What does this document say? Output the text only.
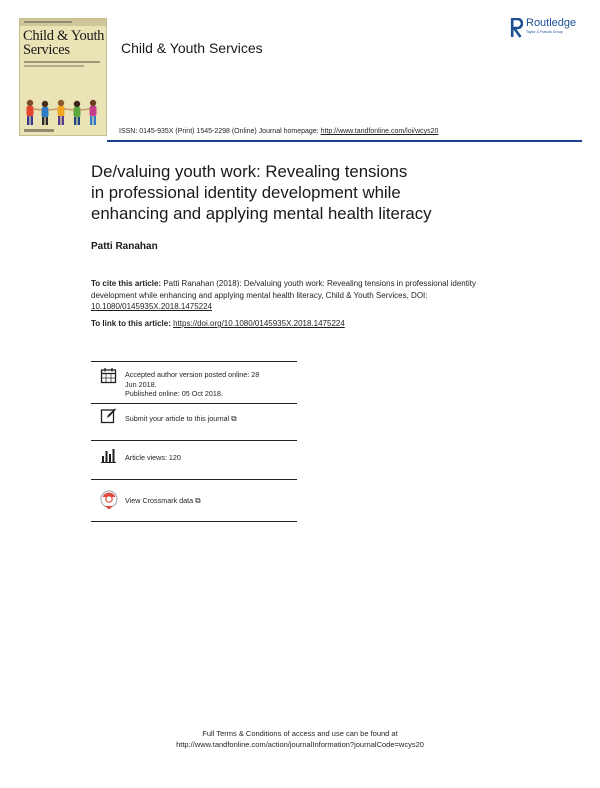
Child & Youth
Services	Child & Youth Services
Routledge
Taylor & Francis Group
ISSN: 0145-935X (Print) 1545-2298 (Online) Journal homepage: http://www.tandfonline.com/loi/wcys20
De/valuing youth work: Revealing tensions
in professional identity development while
enhancing and applying mental health literacy
Patti Ranahan
To cite this article: Patti Ranahan (2018): De/valuing youth work: Revealing tensions in professional identity development while enhancing and applying mental health literacy, Child & Youth Services, DOI: 10.1080/0145935X.2018.1475224
To link to this article: https://doi.org/10.1080/0145935X.2018.1475224
Accepted author version posted online: 28
Jun 2018.
Published online: 05 Oct 2018.
Submit your article to this journal ⧉
Article views: 120
View Crossmark data ⧉
Full Terms & Conditions of access and use can be found at
http://www.tandfonline.com/action/journalInformation?journalCode=wcys20
